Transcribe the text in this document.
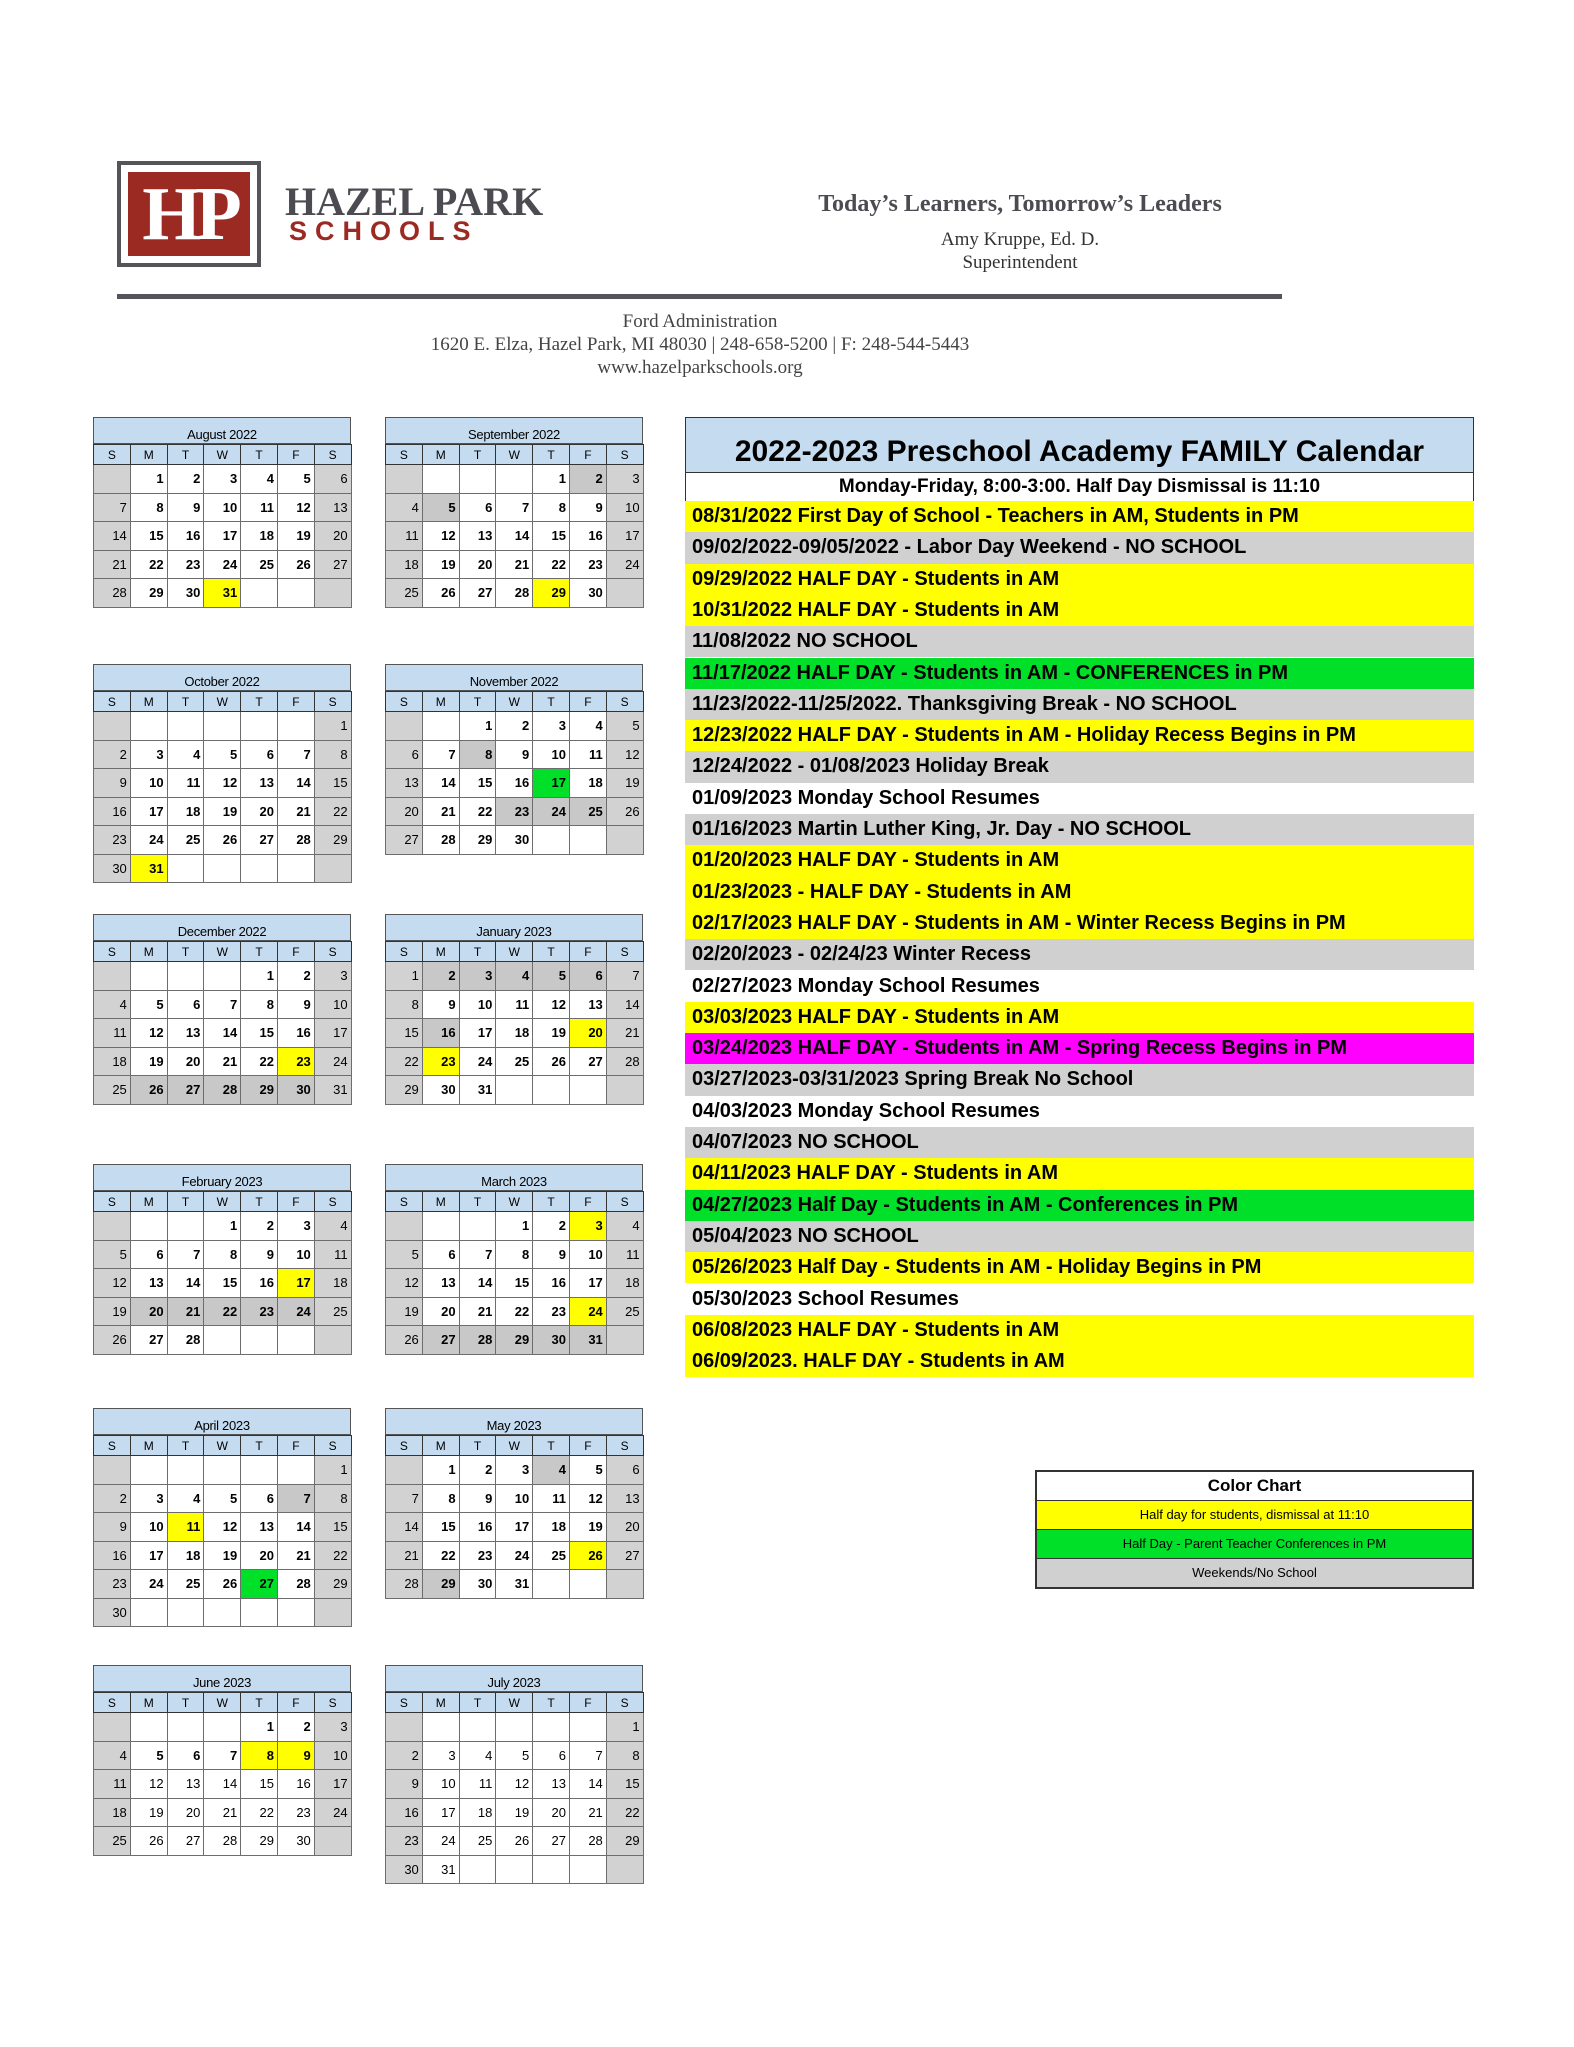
HP	HAZEL PARK
SCHOOLS
Today’s Learners, Tomorrow’s Leaders
Amy Kruppe, Ed. D.
Superintendent
Ford Administration
1620 E. Elza, Hazel Park, MI 48030 | 248-658-5200 | F: 248-544-5443
www.hazelparkschools.org
August 2022
S	M	T	W	T	F	S
	1	2	3	4	5	6
7	8	9	10	11	12	13
14	15	16	17	18	19	20
21	22	23	24	25	26	27
28	29	30	31			
September 2022
S	M	T	W	T	F	S
				1	2	3
4	5	6	7	8	9	10
11	12	13	14	15	16	17
18	19	20	21	22	23	24
25	26	27	28	29	30	
October 2022
S	M	T	W	T	F	S
						1
2	3	4	5	6	7	8
9	10	11	12	13	14	15
16	17	18	19	20	21	22
23	24	25	26	27	28	29
30	31					
November 2022
S	M	T	W	T	F	S
		1	2	3	4	5
6	7	8	9	10	11	12
13	14	15	16	17	18	19
20	21	22	23	24	25	26
27	28	29	30			
December 2022
S	M	T	W	T	F	S
				1	2	3
4	5	6	7	8	9	10
11	12	13	14	15	16	17
18	19	20	21	22	23	24
25	26	27	28	29	30	31
January 2023
S	M	T	W	T	F	S
1	2	3	4	5	6	7
8	9	10	11	12	13	14
15	16	17	18	19	20	21
22	23	24	25	26	27	28
29	30	31				
February 2023
S	M	T	W	T	F	S
			1	2	3	4
5	6	7	8	9	10	11
12	13	14	15	16	17	18
19	20	21	22	23	24	25
26	27	28				
March 2023
S	M	T	W	T	F	S
			1	2	3	4
5	6	7	8	9	10	11
12	13	14	15	16	17	18
19	20	21	22	23	24	25
26	27	28	29	30	31	
April 2023
S	M	T	W	T	F	S
						1
2	3	4	5	6	7	8
9	10	11	12	13	14	15
16	17	18	19	20	21	22
23	24	25	26	27	28	29
30						
May 2023
S	M	T	W	T	F	S
	1	2	3	4	5	6
7	8	9	10	11	12	13
14	15	16	17	18	19	20
21	22	23	24	25	26	27
28	29	30	31			
June 2023
S	M	T	W	T	F	S
				1	2	3
4	5	6	7	8	9	10
11	12	13	14	15	16	17
18	19	20	21	22	23	24
25	26	27	28	29	30	
July 2023
S	M	T	W	T	F	S
						1
2	3	4	5	6	7	8
9	10	11	12	13	14	15
16	17	18	19	20	21	22
23	24	25	26	27	28	29
30	31					
2022-2023 Preschool Academy FAMILY Calendar
Monday-Friday, 8:00-3:00. Half Day Dismissal is 11:10
08/31/2022 First Day of School - Teachers in AM, Students in PM
09/02/2022-09/05/2022 - Labor Day Weekend - NO SCHOOL
09/29/2022 HALF DAY - Students in AM
10/31/2022 HALF DAY - Students in AM
11/08/2022 NO SCHOOL
11/17/2022 HALF DAY - Students in AM - CONFERENCES in PM
11/23/2022-11/25/2022. Thanksgiving Break - NO SCHOOL
12/23/2022 HALF DAY - Students in AM - Holiday Recess Begins in PM
12/24/2022 - 01/08/2023 Holiday Break
01/09/2023 Monday School Resumes
01/16/2023 Martin Luther King, Jr. Day - NO SCHOOL
01/20/2023 HALF DAY - Students in AM
01/23/2023 - HALF DAY - Students in AM
02/17/2023 HALF DAY - Students in AM - Winter Recess Begins in PM
02/20/2023 - 02/24/23 Winter Recess
02/27/2023 Monday School Resumes
03/03/2023 HALF DAY - Students in AM
03/24/2023 HALF DAY - Students in AM - Spring Recess Begins in PM
03/27/2023-03/31/2023 Spring Break No School
04/03/2023 Monday School Resumes
04/07/2023 NO SCHOOL
04/11/2023 HALF DAY - Students in AM
04/27/2023 Half Day - Students in AM - Conferences in PM
05/04/2023 NO SCHOOL
05/26/2023 Half Day - Students in AM - Holiday Begins in PM
05/30/2023 School Resumes
06/08/2023 HALF DAY - Students in AM
06/09/2023. HALF DAY - Students in AM
Color Chart
Half day for students, dismissal at 11:10
Half Day - Parent Teacher Conferences in PM
Weekends/No School
